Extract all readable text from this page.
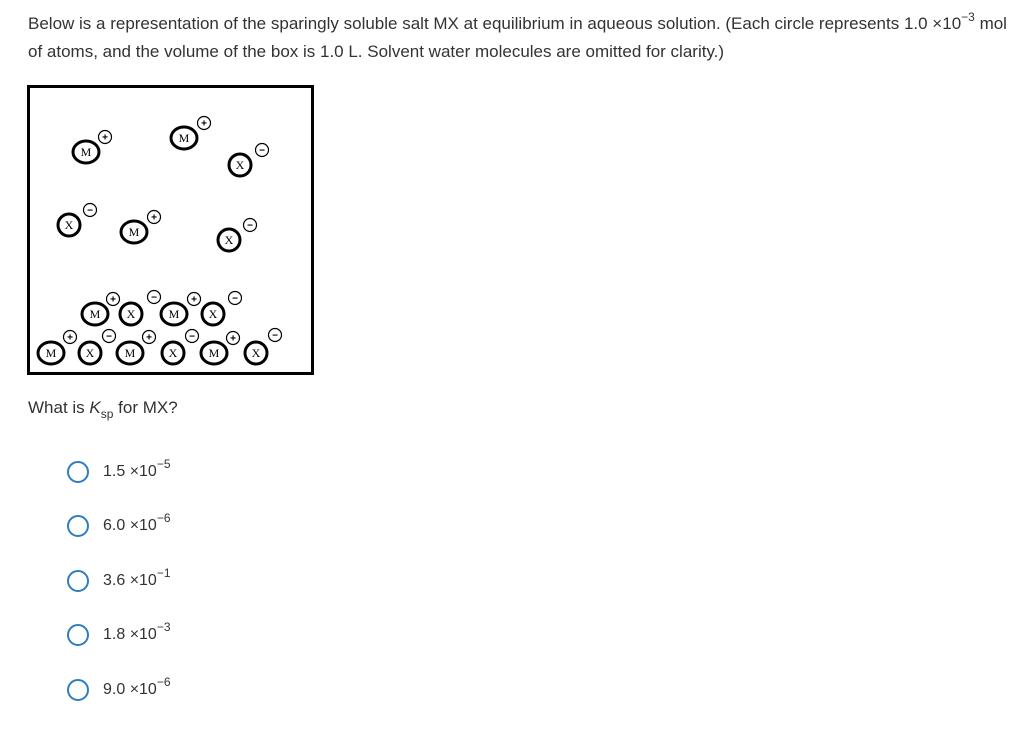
Below is a representation of the sparingly soluble salt MX at equilibrium in aqueous solution. (Each circle represents $1.0 \times 10^{-3}$ mol of atoms, and the volume of the box is 1.0 L. Solvent water molecules are omitted for clarity.)
M
+	M
+
X
−
X
−
M
+
X
−
+	−	+	−
M X	M X
+	−	+	−	+	−
M X	M	X	M	X
What is $K_{sp}$ for MX?
$1.5 \times 10^{-5}$
$6.0 \times 10^{-6}$
$3.6 \times 10^{-1}$
$1.8 \times 10^{-3}$
$9.0 \times 10^{-6}$
